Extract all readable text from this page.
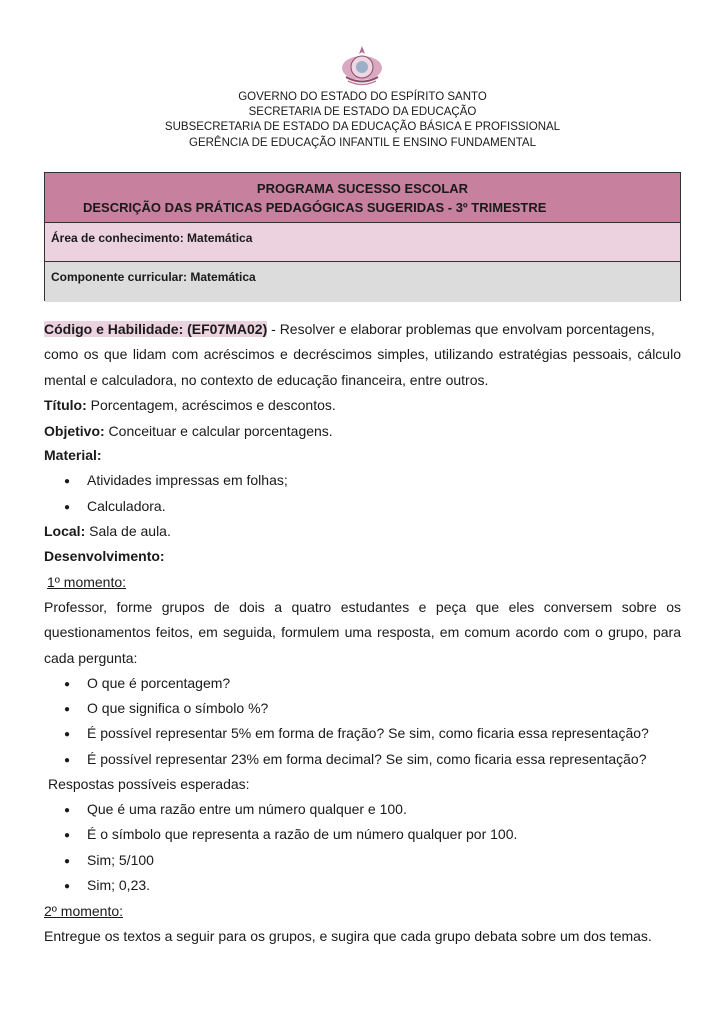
GOVERNO DO ESTADO DO ESPÍRITO SANTO
SECRETARIA DE ESTADO DA EDUCAÇÃO
SUBSECRETARIA DE ESTADO DA EDUCAÇÃO BÁSICA E PROFISSIONAL
GERÊNCIA DE EDUCAÇÃO INFANTIL E ENSINO FUNDAMENTAL
PROGRAMA SUCESSO ESCOLAR
DESCRIÇÃO DAS PRÁTICAS PEDAGÓGICAS SUGERIDAS - 3º TRIMESTRE
Área de conhecimento: Matemática
Componente curricular: Matemática
Código e Habilidade: (EF07MA02) - Resolver e elaborar problemas que envolvam porcentagens,
como os que lidam com acréscimos e decréscimos simples, utilizando estratégias pessoais, cálculo
mental e calculadora, no contexto de educação financeira, entre outros.
Título: Porcentagem, acréscimos e descontos.
Objetivo: Conceituar e calcular porcentagens.
Material:
● Atividades impressas em folhas;
● Calculadora.
Local: Sala de aula.
Desenvolvimento:
1º momento:
Professor, forme grupos de dois a quatro estudantes e peça que eles conversem sobre os
questionamentos feitos, em seguida, formulem uma resposta, em comum acordo com o grupo, para
cada pergunta:
● O que é porcentagem?
● O que significa o símbolo %?
● É possível representar 5% em forma de fração? Se sim, como ficaria essa representação?
● É possível representar 23% em forma decimal? Se sim, como ficaria essa representação?
Respostas possíveis esperadas:
● Que é uma razão entre um número qualquer e 100.
● É o símbolo que representa a razão de um número qualquer por 100.
● Sim; 5/100
● Sim; 0,23.
2º momento:
Entregue os textos a seguir para os grupos, e sugira que cada grupo debata sobre um dos temas.
